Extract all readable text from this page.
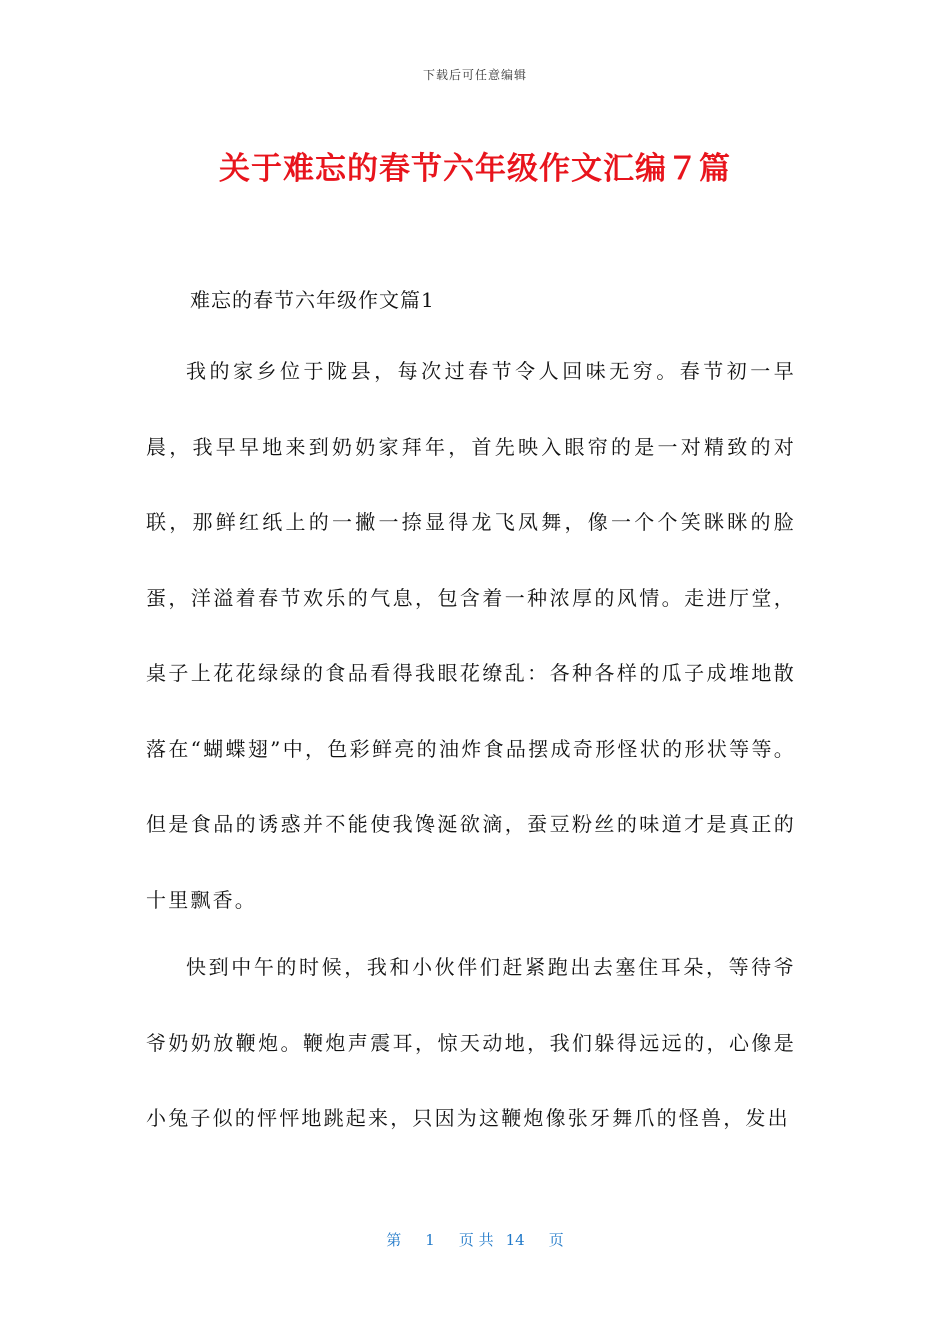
下载后可任意编辑
关于难忘的春节六年级作文汇编７篇
难忘的春节六年级作文篇1
我的家乡位于陇县，每次过春节令人回味无穷。春节初一早晨，我早早地来到奶奶家拜年，首先映入眼帘的是一对精致的对联，那鲜红纸上的一撇一捺显得龙飞凤舞，像一个个笑眯眯的脸蛋，洋溢着春节欢乐的气息，包含着一种浓厚的风情。走进厅堂，桌子上花花绿绿的食品看得我眼花缭乱：各种各样的瓜子成堆地散落在“蝴蝶翅”中，色彩鲜亮的油炸食品摆成奇形怪状的形状等等。但是食品的诱惑并不能使我馋涎欲滴，蚕豆粉丝的味道才是真正的十里飘香。
快到中午的时候，我和小伙伴们赶紧跑出去塞住耳朵，等待爷爷奶奶放鞭炮。鞭炮声震耳，惊天动地，我们躲得远远的，心像是小兔子似的怦怦地跳起来，只因为这鞭炮像张牙舞爪的怪兽，发出
第 1 页 共 14 页
